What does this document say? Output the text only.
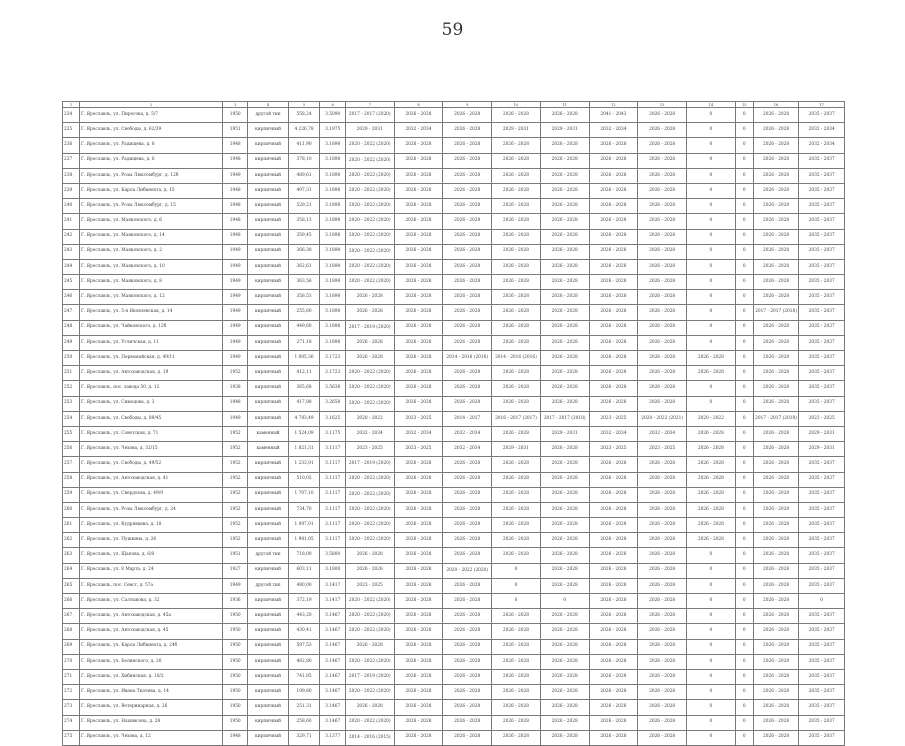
59
1	2	3	4	5	6	7	8	9	10	11	12	13	14	15	16	17
234	Г. Ярославль, ул. Пирогова, д. 5/7	1950	другой тип	558,24	3.5090	2017 - 2017 (2020)	2026 - 2028	2026 - 2028	2026 - 2028	2026 - 2028	2041 - 2043	2026 - 2028	0	0	2026 - 2028	2035 - 2037
235	Г. Ярославль, ул. Свободы, д. 62/39	1951	кирпичный	4 226,78	3.1975	2029 - 2031	2032 - 2034	2026 - 2028	2029 - 2031	2029 - 2031	2032 - 2034	2026 - 2028	0	0	2026 - 2028	2032 - 2034
236	Г. Ярославль, ул. Радищева, д. 8	1948	кирпичный	411,90	3.1898	2020 - 2022 (2020)	2026 - 2028	2026 - 2028	2026 - 2028	2026 - 2028	2026 - 2028	2026 - 2028	0	0	2026 - 2028	2032 - 2034
237	Г. Ярославль, ул. Радищева, д. 6	1948	кирпичный	378,10	3.1898	2020 - 2022 (2020)	2026 - 2028	2026 - 2028	2026 - 2028	2026 - 2028	2026 - 2028	2026 - 2028	0	0	2026 - 2028	2035 - 2037
238	Г. Ярославль, ул. Розы Люксембург, д. 12б	1949	кирпичный	489,61	3.1898	2020 - 2022 (2020)	2026 - 2028	2026 - 2028	2026 - 2028	2026 - 2028	2026 - 2028	2026 - 2028	0	0	2026 - 2028	2035 - 2037
239	Г. Ярославль, ул. Карла Либкнехта, д. 15	1948	кирпичный	497,31	3.1898	2020 - 2022 (2020)	2026 - 2028	2026 - 2028	2026 - 2028	2026 - 2028	2026 - 2028	2026 - 2028	0	0	2026 - 2028	2035 - 2037
240	Г. Ярославль, ул. Розы Люксембург, д. 15	1948	кирпичный	529,21	3.1898	2020 - 2022 (2020)	2026 - 2028	2026 - 2028	2026 - 2028	2026 - 2028	2026 - 2028	2026 - 2028	0	0	2026 - 2028	2035 - 2037
241	Г. Ярославль, ул. Маяковского, д. 6	1948	кирпичный	358,13	3.1898	2020 - 2022 (2020)	2026 - 2028	2026 - 2028	2026 - 2028	2026 - 2028	2026 - 2028	2026 - 2028	0	0	2026 - 2028	2035 - 2037
242	Г. Ярославль, ул. Маяковского, д. 14	1948	кирпичный	359,45	3.1898	2020 - 2022 (2020)	2026 - 2028	2026 - 2028	2026 - 2028	2026 - 2028	2026 - 2028	2026 - 2028	0	0	2026 - 2028	2035 - 2037
243	Г. Ярославль, ул. Маяковского, д. 2	1949	кирпичный	366,38	3.1898	2020 - 2022 (2020)	2026 - 2028	2026 - 2028	2026 - 2028	2026 - 2028	2026 - 2028	2026 - 2028	0	0	2026 - 2028	2035 - 2037
244	Г. Ярославль, ул. Маяковского, д. 10	1949	кирпичный	362,61	3.1898	2020 - 2022 (2020)	2026 - 2028	2026 - 2028	2026 - 2028	2026 - 2028	2026 - 2028	2026 - 2028	0	0	2026 - 2028	2035 - 2037
245	Г. Ярославль, ул. Маяковского, д. 8	1949	кирпичный	363,56	3.1898	2020 - 2022 (2020)	2026 - 2028	2026 - 2028	2026 - 2028	2026 - 2028	2026 - 2028	2026 - 2028	0	0	2026 - 2028	2035 - 2037
246	Г. Ярославль, ул. Маяковского, д. 12	1949	кирпичный	358,53	3.1898	2026 - 2028	2026 - 2028	2026 - 2028	2026 - 2028	2026 - 2028	2026 - 2028	2026 - 2028	0	0	2026 - 2028	2035 - 2037
247	Г. Ярославль, ул. 5-я Яковлевская, д. 14	1949	кирпичный	255,60	3.1898	2026 - 2028	2026 - 2028	2026 - 2028	2026 - 2028	2026 - 2028	2026 - 2028	2026 - 2028	0	0	2017 - 2017 (2018)	2035 - 2037
248	Г. Ярославль, ул. Чайковского, д. 12б	1949	кирпичный	449,60	3.1898	2017 - 2019 (2020)	2026 - 2028	2026 - 2028	2026 - 2028	2026 - 2028	2026 - 2028	2026 - 2028	0	0	2026 - 2028	2035 - 2037
249	Г. Ярославль, ул. Угличская, д. 11	1949	кирпичный	271,18	3.1898	2026 - 2028	2026 - 2028	2026 - 2028	2026 - 2028	2026 - 2028	2026 - 2028	2026 - 2028	0	0	2026 - 2028	2035 - 2037
250	Г. Ярославль, ул. Первомайская, д. 49/11	1949	кирпичный	1 005,36	3.1723	2026 - 2028	2026 - 2028	2014 - 2016 (2016)	2014 - 2016 (2016)	2026 - 2028	2026 - 2028	2026 - 2028	2026 - 2028	0	2026 - 2028	2035 - 2037
251	Г. Ярославль, ул. Автозаводская, д. 19	1952	кирпичный	412,11	3.1723	2020 - 2022 (2020)	2026 - 2028	2026 - 2028	2026 - 2028	2026 - 2028	2026 - 2028	2026 - 2028	2026 - 2028	0	2026 - 2028	2035 - 2037
252	Г. Ярославль, пос. завода 50, д. 12	1938	кирпичный	365,68	3.5638	2020 - 2022 (2020)	2026 - 2028	2026 - 2028	2026 - 2028	2026 - 2028	2026 - 2028	2026 - 2028	0	0	2026 - 2028	2035 - 2037
253	Г. Ярославль, ул. Симоцова, д. 3	1948	кирпичный	417,88	3.2658	2020 - 2022 (2020)	2026 - 2028	2026 - 2028	2026 - 2028	2026 - 2028	2026 - 2028	2026 - 2028	0	0	2026 - 2028	2035 - 2037
254	Г. Ярославль, ул. Свободы, д. 89/45	1949	кирпичный	4 783,49	3.1625	2020 - 2022	2023 - 2025	2014 - 2017	2016 - 2017 (2017)	2017 - 2017 (2018)	2023 - 2025	2020 - 2022 (2021)	2020 - 2022	0	2017 - 2017 (2018)	2023 - 2025
255	Г. Ярославль, ул. Советская, д. 71	1952	каменный	1 524,09	3.1175	2032 - 2034	2032 - 2034	2032 - 2034	2026 - 2028	2029 - 2031	2032 - 2034	2032 - 2034	2026 - 2028	0	2026 - 2028	2029 - 2031
256	Г. Ярославль, ул. Чехова, д. 32/15	1952	каменный	1 821,31	3.1117	2023 - 2025	2023 - 2025	2032 - 2034	2029 - 2031	2026 - 2028	2023 - 2025	2023 - 2025	2026 - 2028	0	2026 - 2028	2029 - 2031
257	Г. Ярославль, ул. Свободы, д. 49/52	1952	кирпичный	1 233,91	3.1117	2017 - 2019 (2020)	2026 - 2028	2026 - 2028	2026 - 2028	2026 - 2028	2026 - 2028	2026 - 2028	2026 - 2028	0	2026 - 2028	2035 - 2037
258	Г. Ярославль, ул. Автозаводская, д. 41	1952	кирпичный	510,05	3.1117	2020 - 2022 (2020)	2026 - 2028	2026 - 2028	2026 - 2028	2026 - 2028	2026 - 2028	2026 - 2028	2026 - 2028	0	2026 - 2028	2035 - 2037
259	Г. Ярославль, ул. Свердлова, д. 49/9	1952	кирпичный	1 707,10	3.1117	2020 - 2022 (2020)	2026 - 2028	2026 - 2028	2026 - 2028	2026 - 2028	2026 - 2028	2026 - 2028	2026 - 2028	0	2026 - 2028	2035 - 2037
260	Г. Ярославль, ул. Розы Люксембург, д. 24	1952	кирпичный	734,70	3.1117	2020 - 2022 (2020)	2026 - 2028	2026 - 2028	2026 - 2028	2026 - 2028	2026 - 2028	2026 - 2028	2026 - 2028	0	2026 - 2028	2035 - 2037
261	Г. Ярославль, ул. Кудрявцева, д. 18	1952	кирпичный	1 097,01	3.1117	2020 - 2022 (2020)	2026 - 2028	2026 - 2028	2026 - 2028	2026 - 2028	2026 - 2028	2026 - 2028	2026 - 2028	0	2026 - 2028	2035 - 2037
262	Г. Ярославль, ул. Пушкина, д. 26	1952	кирпичный	1 981,05	3.1117	2020 - 2022 (2020)	2026 - 2028	2026 - 2028	2026 - 2028	2026 - 2028	2026 - 2028	2026 - 2028	2026 - 2028	0	2026 - 2028	2035 - 2037
263	Г. Ярославль, ул. Щапова, д. 6/8	1951	другой тип	718,00	3.5800	2026 - 2028	2026 - 2028	2026 - 2028	2026 - 2028	2026 - 2028	2026 - 2028	2026 - 2028	0	0	2026 - 2028	2035 - 2037
264	Г. Ярославль, ул. 8 Марта, д. 24	1927	кирпичный	603,11	3.1800	2026 - 2028	2026 - 2028	2020 - 2022 (2020)	0	2026 - 2028	2026 - 2028	2026 - 2028	0	0	2026 - 2028	2035 - 2037
265	Г. Ярославль, пос. Севст, д. 57а	1949	другой тип	480,00	3.1417	2023 - 2025	2026 - 2028	2026 - 2028	0	2026 - 2028	2026 - 2028	2026 - 2028	0	0	2026 - 2028	2035 - 2037
266	Г. Ярославль, ул. Салтыкова, д. 32	1936	кирпичный	372,19	3.1417	2020 - 2022 (2020)	2026 - 2028	2026 - 2028	0	0	2026 - 2028	2026 - 2028	0	0	2026 - 2028	0
267	Г. Ярославль, ул. Автозаводская, д. 45а	1950	кирпичный	443,20	3.1467	2020 - 2022 (2020)	2026 - 2028	2026 - 2028	2026 - 2028	2026 - 2028	2026 - 2028	2026 - 2028	0	0	2026 - 2028	2035 - 2037
268	Г. Ярославль, ул. Автозаводская, д. 45	1950	кирпичный	430,41	3.1467	2020 - 2022 (2020)	2026 - 2028	2026 - 2028	2026 - 2028	2026 - 2028	2026 - 2028	2026 - 2028	0	0	2026 - 2028	2035 - 2037
269	Г. Ярославль, ул. Карла Либкнехта, д. 24б	1950	кирпичный	597,53	3.1467	2026 - 2028	2026 - 2028	2026 - 2028	2026 - 2028	2026 - 2028	2026 - 2028	2026 - 2028	0	0	2026 - 2028	2035 - 2037
270	Г. Ярославль, ул. Белинского, д. 20	1950	кирпичный	482,80	3.1467	2020 - 2022 (2020)	2026 - 2028	2026 - 2028	2026 - 2028	2026 - 2028	2026 - 2028	2026 - 2028	0	0	2026 - 2028	2035 - 2037
271	Г. Ярославль, ул. Хибинская, д. 10/2	1950	кирпичный	741,85	3.1467	2017 - 2019 (2020)	2026 - 2028	2026 - 2028	2026 - 2028	2026 - 2028	2026 - 2028	2026 - 2028	0	0	2026 - 2028	2035 - 2037
272	Г. Ярославль, ул. Ивана Ткачева, д. 14	1950	кирпичный	199,80	3.1467	2020 - 2022 (2020)	2026 - 2028	2026 - 2028	2026 - 2028	2026 - 2028	2026 - 2028	2026 - 2028	0	0	2026 - 2028	2035 - 2037
273	Г. Ярославль, ул. Ветеринарная, д. 26	1950	кирпичный	251,31	3.1467	2026 - 2028	2026 - 2028	2026 - 2028	2026 - 2028	2026 - 2028	2026 - 2028	2026 - 2028	0	0	2026 - 2028	2035 - 2037
274	Г. Ярославль, ул. Нахимсона, д. 28	1950	кирпичный	258,60	3.1467	2020 - 2022 (2020)	2026 - 2028	2026 - 2028	2026 - 2028	2026 - 2028	2026 - 2028	2026 - 2028	0	0	2026 - 2028	2035 - 2037
275	Г. Ярославль, ул. Чехова, д. 12	1948	кирпичный	329,71	3.1377	2014 - 2016 (2015)	2026 - 2028	2026 - 2028	2026 - 2028	2026 - 2028	2026 - 2028	2026 - 2028	0	0	2026 - 2028	2035 - 2037
